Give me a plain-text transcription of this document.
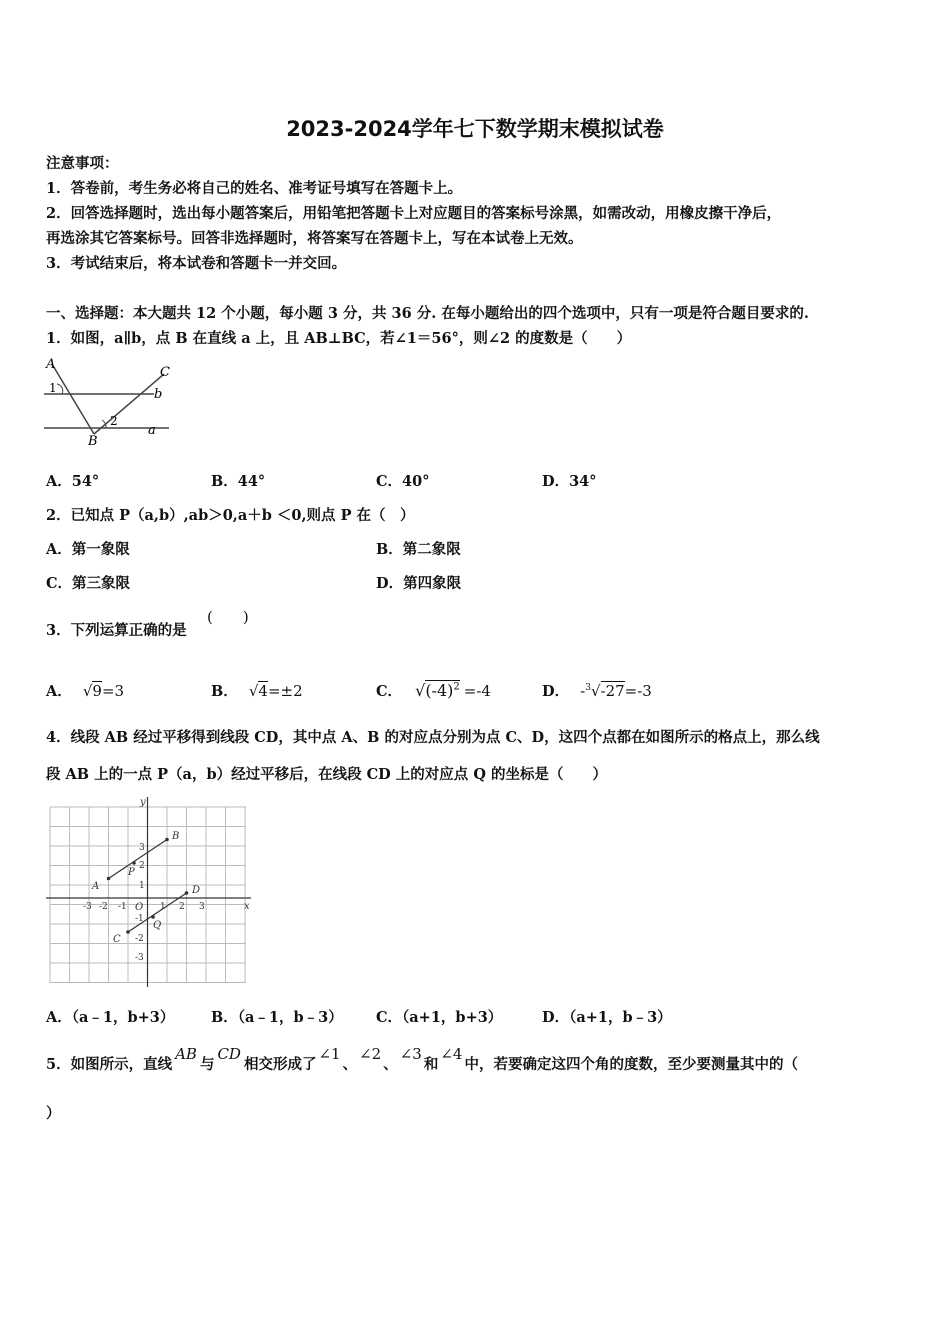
2023-2024学年七下数学期末模拟试卷
注意事项：
1．答卷前，考生务必将自己的姓名、准考证号填写在答题卡上。
2．回答选择题时，选出每小题答案后，用铅笔把答题卡上对应题目的答案标号涂黑，如需改动，用橡皮擦干净后，
再选涂其它答案标号。回答非选择题时，将答案写在答题卡上，写在本试卷上无效。
3．考试结束后，将本试卷和答题卡一并交回。
一、选择题：本大题共 12 个小题，每小题 3 分，共 36 分. 在每小题给出的四个选项中，只有一项是符合题目要求的.
1．如图，a∥b，点 B 在直线 a 上，且 AB⊥BC，若∠1＝56°，则∠2 的度数是（　　）
A
C
b
1
2
B
a
A．54°	B．44°	C．40°	D．34°
2．已知点 P（a,b）,ab＞0,a＋b ＜0,则点 P 在（　）
A．第一象限	B．第二象限
C．第三象限	D．第四象限
3．下列运算正确的是
(　　)
A． √9=3	B． √4=±2	C． $√(-4)^2 =-4$	D． -$^3$√-27=-3
4．线段 AB 经过平移得到线段 CD，其中点 A、B 的对应点分别为点 C、D，这四个点都在如图所示的格点上，那么线
段 AB 上的一点 P（a，b）经过平移后，在线段 CD 上的对应点 Q 的坐标是（　　）
y
x
O
A
B
C
D
P
Q
-3 -2 -1	1 2 3
3
2
1
-1
-2
-3
A．（a﹣1，b+3）	B．（a﹣1，b﹣3） C．（a+1，b+3）	D．（a+1，b﹣3）
5．如图所示，直线AB与CD相交形成了∠1、∠2、∠3和∠4中，若要确定这四个角的度数，至少要测量其中的（
）
